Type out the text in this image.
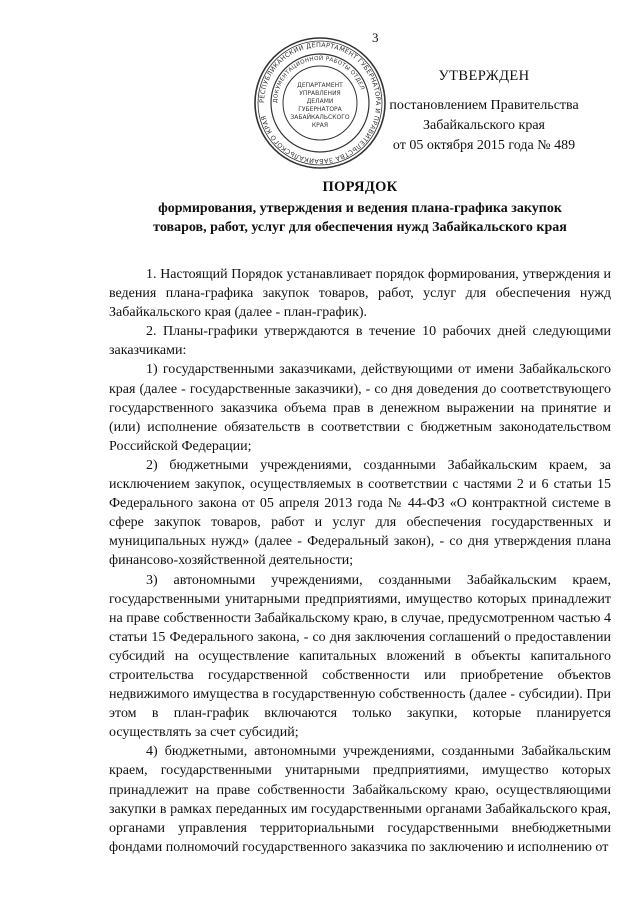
3
РЕСПУБЛИКАНСКИЙ ДЕПАРТАМЕНТ ГУБЕРНАТОРА И ПРАВИТЕЛЬСТВА ЗАБАЙКАЛЬСКОГО КРАЯ
ДОКУМЕНТАЦИОННОЙ РАБОТЫ ОТДЕЛ
ДЕПАРТАМЕНТ
УПРАВЛЕНИЯ
ДЕЛАМИ
ГУБЕРНАТОРА
ЗАБАЙКАЛЬСКОГО
КРАЯ
УТВЕРЖДЕН
постановлением Правительства
Забайкальского края
от 05 октября 2015 года № 489
ПОРЯДОК
формирования, утверждения и ведения плана-графика закупок
товаров, работ, услуг для обеспечения нужд Забайкальского края

1. Настоящий Порядок устанавливает порядок формирования, утверждения и ведения плана-графика закупок товаров, работ, услуг для обеспечения нужд Забайкальского края (далее - план-график).

2. Планы-графики утверждаются в течение 10 рабочих дней следующими заказчиками:

1) государственными заказчиками, действующими от имени Забайкальского края (далее - государственные заказчики), - со дня доведения до соответствующего государственного заказчика объема прав в денежном выражении на принятие и (или) исполнение обязательств в соответствии с бюджетным законодательством Российской Федерации;

2) бюджетными учреждениями, созданными Забайкальским краем, за исключением закупок, осуществляемых в соответствии с частями 2 и 6 статьи 15 Федерального закона от 05 апреля 2013 года № 44-ФЗ «О контрактной системе в сфере закупок товаров, работ и услуг для обеспечения государственных и муниципальных нужд» (далее - Федеральный закон), - со дня утверждения плана финансово-хозяйственной деятельности;

3) автономными учреждениями, созданными Забайкальским краем, государственными унитарными предприятиями, имущество которых принадлежит на праве собственности Забайкальскому краю, в случае, предусмотренном частью 4 статьи 15 Федерального закона, - со дня заключения соглашений о предоставлении субсидий на осуществление капитальных вложений в объекты капитального строительства государственной собственности или приобретение объектов недвижимого имущества в государственную собственность (далее - субсидии). При этом в план-график включаются только закупки, которые планируется осуществлять за счет субсидий;

4) бюджетными, автономными учреждениями, созданными Забайкальским краем, государственными унитарными предприятиями, имущество которых принадлежит на праве собственности Забайкальскому краю, осуществляющими закупки в рамках переданных им государственными органами Забайкальского края, органами управления территориальными государственными внебюджетными фондами полномочий государственного заказчика по заключению и исполнению от
